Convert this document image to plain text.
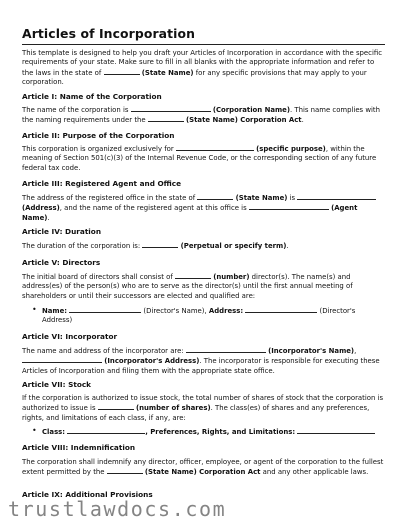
Articles of Incorporation

This template is designed to help you draft your Articles of Incorporation in accordance with the specific requirements of your state. Make sure to fill in all blanks with the appropriate information and refer to the laws in the state of	(State Name) for any specific provisions that may apply to your corporation.

Article I: Name of the Corporation

The name of the corporation is	(Corporation Name). This name complies with the naming requirements under the	(State Name) Corporation Act.

Article II: Purpose of the Corporation

This corporation is organized exclusively for	(specific purpose), within the meaning of Section 501(c)(3) of the Internal Revenue Code, or the corresponding section of any future federal tax code.

Article III: Registered Agent and Office

The address of the registered office in the state of	(State Name) is  (Address), and the name of the registered agent at this office is	(Agent Name).

Article IV: Duration

The duration of the corporation is:	(Perpetual or specify term).

Article V: Directors

The initial board of directors shall consist of	(number) director(s). The name(s) and address(es) of the person(s) who are to serve as the director(s) until the first annual meeting of shareholders or until their successors are elected and qualified are:

• Name:	(Director's Name), Address:	(Director's Address)

Article VI: Incorporator

The name and address of the incorporator are:	(Incorporator's Name),  (Incorporator's Address). The incorporator is responsible for executing these Articles of Incorporation and filing them with the appropriate state office.

Article VII: Stock

If the corporation is authorized to issue stock, the total number of shares of stock that the corporation is authorized to issue is	(number of shares). The class(es) of shares and any preferences, rights, and limitations of each class, if any, are:

• Class:	, Preferences, Rights, and Limitations:

Article VIII: Indemnification

The corporation shall indemnify any director, officer, employee, or agent of the corporation to the fullest extent permitted by the	(State Name) Corporation Act and any other applicable laws.

Article IX: Additional Provisions

trustlawdocs.com
